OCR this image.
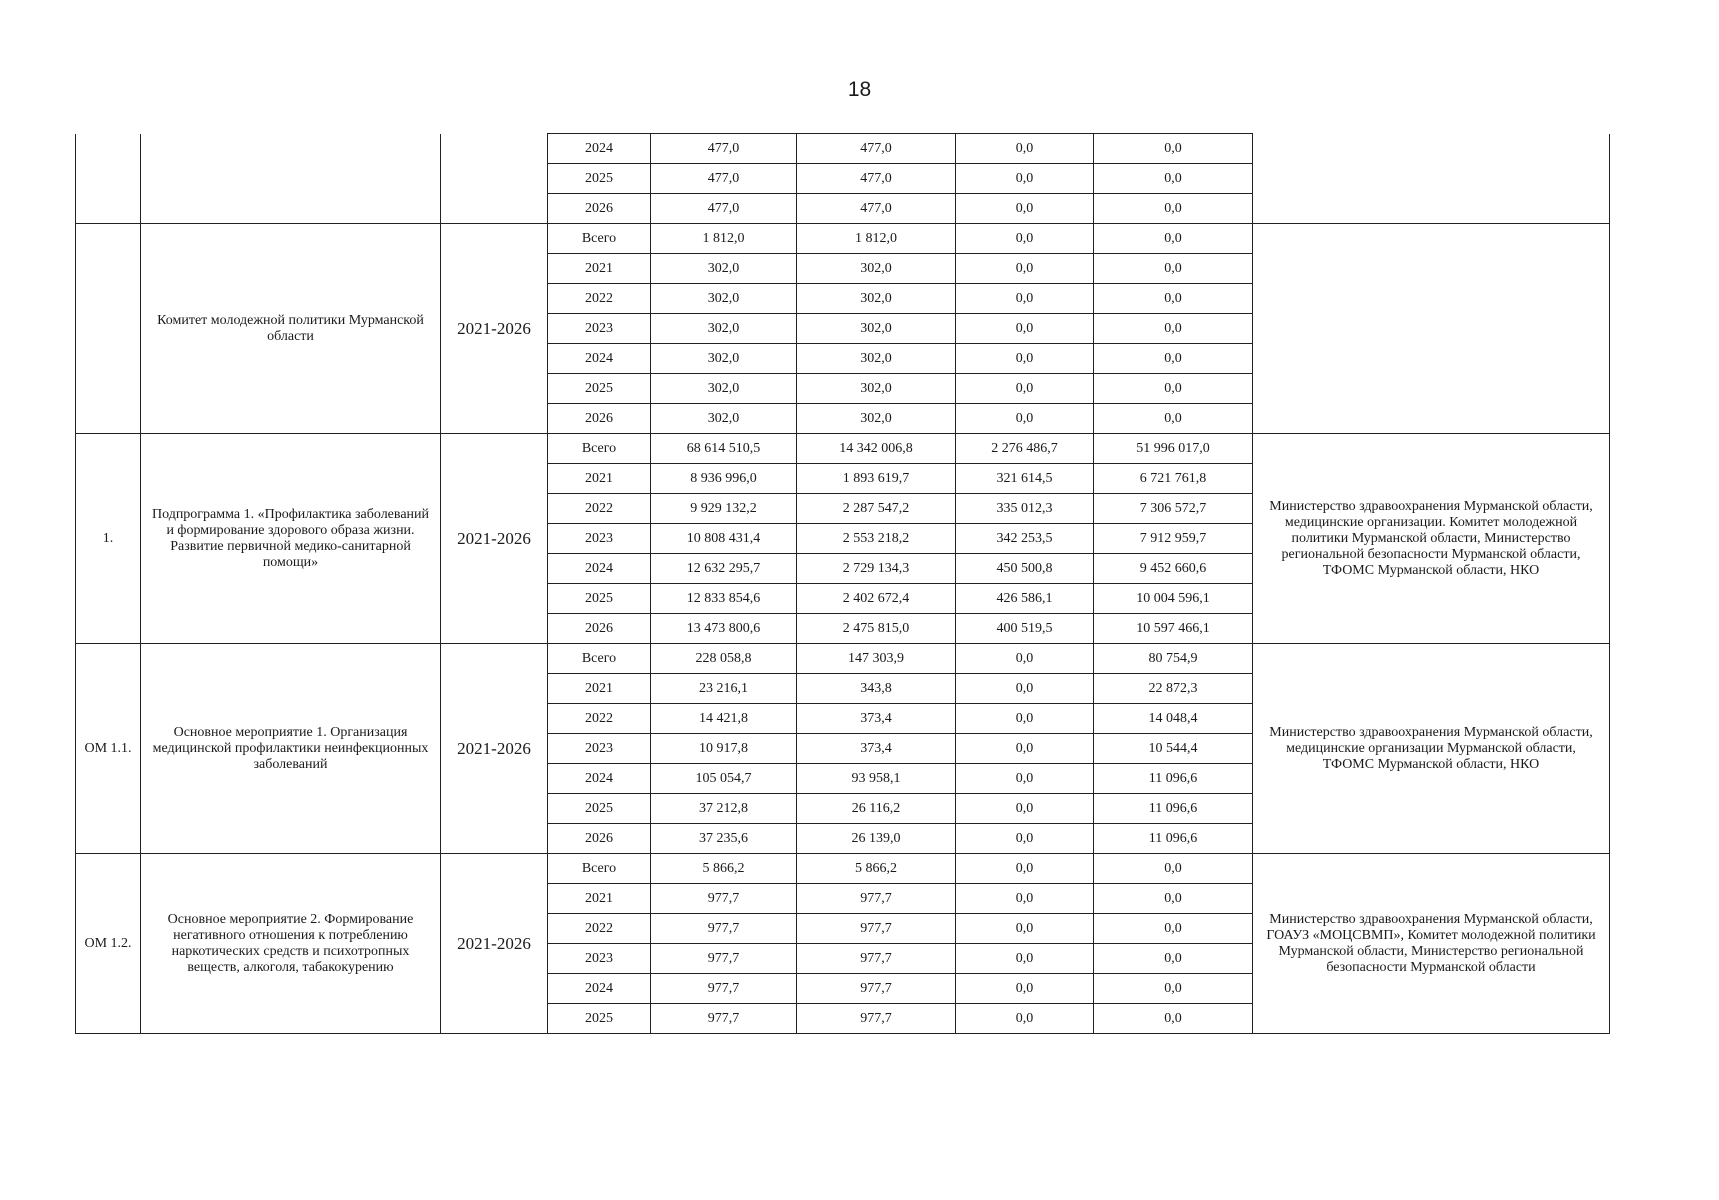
18
			2024	477,0	477,0	0,0	0,0	
			2025	477,0	477,0	0,0	0,0	
			2026	477,0	477,0	0,0	0,0	
	Комитет молодежной политики Мурманской области	2021-2026	Всего	1 812,0	1 812,0	0,0	0,0	
			2021	302,0	302,0	0,0	0,0	
			2022	302,0	302,0	0,0	0,0	
			2023	302,0	302,0	0,0	0,0	
			2024	302,0	302,0	0,0	0,0	
			2025	302,0	302,0	0,0	0,0	
			2026	302,0	302,0	0,0	0,0	
1.	Подпрограмма 1. «Профилактика заболеваний и формирование здорового образа жизни. Развитие первичной медико-санитарной помощи»	2021-2026	Всего	68 614 510,5	14 342 006,8	2 276 486,7	51 996 017,0	Министерство здравоохранения Мурманской области, медицинские организации. Комитет молодежной политики Мурманской области, Министерство региональной безопасности Мурманской области, ТФОМС Мурманской области, НКО
			2021	8 936 996,0	1 893 619,7	321 614,5	6 721 761,8	
			2022	9 929 132,2	2 287 547,2	335 012,3	7 306 572,7	
			2023	10 808 431,4	2 553 218,2	342 253,5	7 912 959,7	
			2024	12 632 295,7	2 729 134,3	450 500,8	9 452 660,6	
			2025	12 833 854,6	2 402 672,4	426 586,1	10 004 596,1	
			2026	13 473 800,6	2 475 815,0	400 519,5	10 597 466,1	
ОМ 1.1.	Основное мероприятие 1. Организация медицинской профилактики неинфекционных заболеваний	2021-2026	Всего	228 058,8	147 303,9	0,0	80 754,9	Министерство здравоохранения Мурманской области, медицинские организации Мурманской области, ТФОМС Мурманской области, НКО
			2021	23 216,1	343,8	0,0	22 872,3	
			2022	14 421,8	373,4	0,0	14 048,4	
			2023	10 917,8	373,4	0,0	10 544,4	
			2024	105 054,7	93 958,1	0,0	11 096,6	
			2025	37 212,8	26 116,2	0,0	11 096,6	
			2026	37 235,6	26 139,0	0,0	11 096,6	
ОМ 1.2.	Основное мероприятие 2. Формирование негативного отношения к потреблению наркотических средств и психотропных веществ, алкоголя, табакокурению	2021-2026	Всего	5 866,2	5 866,2	0,0	0,0	Министерство здравоохранения Мурманской области, ГОАУЗ «МОЦСВМП», Комитет молодежной политики Мурманской области, Министерство региональной безопасности Мурманской области
			2021	977,7	977,7	0,0	0,0	
			2022	977,7	977,7	0,0	0,0	
			2023	977,7	977,7	0,0	0,0	
			2024	977,7	977,7	0,0	0,0	
			2025	977,7	977,7	0,0	0,0	
